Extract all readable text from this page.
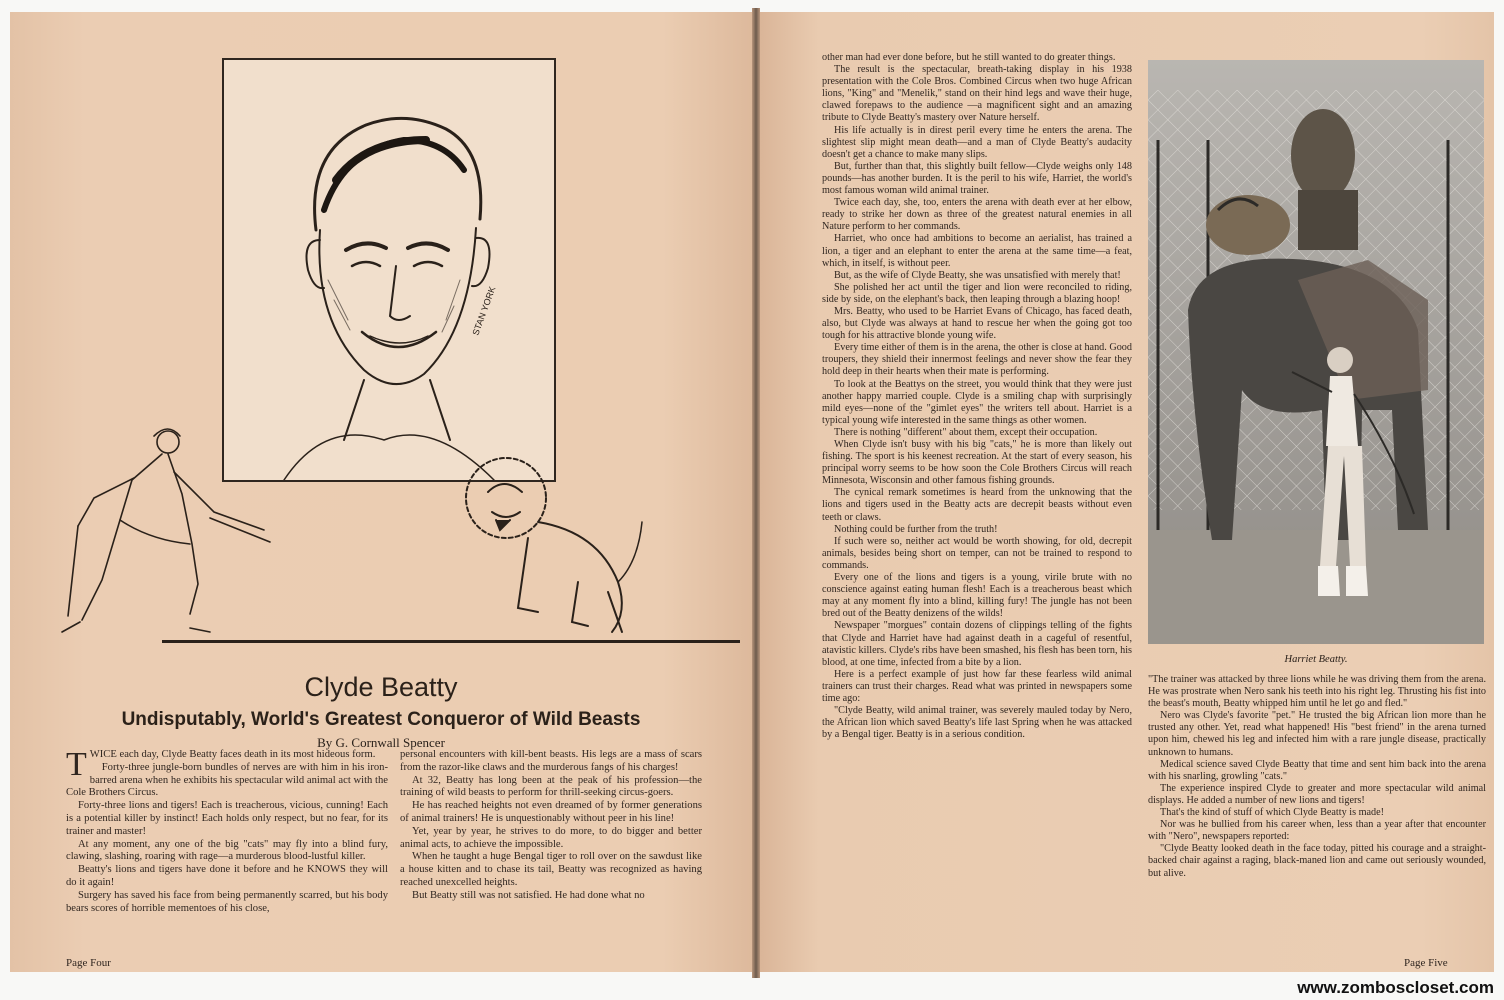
STAN YORK
Clyde Beatty
Undisputably, World's Greatest Conqueror of Wild Beasts
By G. Cornwall Spencer

TWICE each day, Clyde Beatty faces death in its most hideous form.

Forty-three jungle-born bundles of nerves are with him in his iron-barred arena when he exhibits his spectacular wild animal act with the Cole Brothers Circus.

Forty-three lions and tigers! Each is treacherous, vicious, cunning! Each is a potential killer by instinct! Each holds only respect, but no fear, for its trainer and master!

At any moment, any one of the big "cats" may fly into a blind fury, clawing, slashing, roaring with rage—a murderous blood-lustful killer.

Beatty's lions and tigers have done it before and he KNOWS they will do it again!

Surgery has saved his face from being permanently scarred, but his body bears scores of horrible mementoes of his close,

personal encounters with kill-bent beasts. His legs are a mass of scars from the razor-like claws and the murderous fangs of his charges!

At 32, Beatty has long been at the peak of his profession—the training of wild beasts to perform for thrill-seeking circus-goers.

He has reached heights not even dreamed of by former generations of animal trainers! He is unquestionably without peer in his line!

Yet, year by year, he strives to do more, to do bigger and better animal acts, to achieve the impossible.

When he taught a huge Bengal tiger to roll over on the sawdust like a house kitten and to chase its tail, Beatty was recognized as having reached unexcelled heights.

But Beatty still was not satisfied. He had done what no

Page Four

other man had ever done before, but he still wanted to do greater things.

The result is the spectacular, breath-taking display in his 1938 presentation with the Cole Bros. Combined Circus when two huge African lions, "King" and "Menelik," stand on their hind legs and wave their huge, clawed forepaws to the audience —a magnificent sight and an amazing tribute to Clyde Beatty's mastery over Nature herself.

His life actually is in direst peril every time he enters the arena. The slightest slip might mean death—and a man of Clyde Beatty's audacity doesn't get a chance to make many slips.

But, further than that, this slightly built fellow—Clyde weighs only 148 pounds—has another burden. It is the peril to his wife, Harriet, the world's most famous woman wild animal trainer.

Twice each day, she, too, enters the arena with death ever at her elbow, ready to strike her down as three of the greatest natural enemies in all Nature perform to her commands.

Harriet, who once had ambitions to become an aerialist, has trained a lion, a tiger and an elephant to enter the arena at the same time—a feat, which, in itself, is without peer.

But, as the wife of Clyde Beatty, she was unsatisfied with merely that!

She polished her act until the tiger and lion were reconciled to riding, side by side, on the elephant's back, then leaping through a blazing hoop!

Mrs. Beatty, who used to be Harriet Evans of Chicago, has faced death, also, but Clyde was always at hand to rescue her when the going got too tough for his attractive blonde young wife.

Every time either of them is in the arena, the other is close at hand. Good troupers, they shield their innermost feelings and never show the fear they hold deep in their hearts when their mate is performing.

To look at the Beattys on the street, you would think that they were just another happy married couple. Clyde is a smiling chap with surprisingly mild eyes—none of the "gimlet eyes" the writers tell about. Harriet is a typical young wife interested in the same things as other women.

There is nothing "different" about them, except their occupation.

When Clyde isn't busy with his big "cats," he is more than likely out fishing. The sport is his keenest recreation. At the start of every season, his principal worry seems to be how soon the Cole Brothers Circus will reach Minnesota, Wisconsin and other famous fishing grounds.

The cynical remark sometimes is heard from the unknowing that the lions and tigers used in the Beatty acts are decrepit beasts without even teeth or claws.

Nothing could be further from the truth!

If such were so, neither act would be worth showing, for old, decrepit animals, besides being short on temper, can not be trained to respond to commands.

Every one of the lions and tigers is a young, virile brute with no conscience against eating human flesh! Each is a treacherous beast which may at any moment fly into a blind, killing fury! The jungle has not been bred out of the Beatty denizens of the wilds!

Newspaper "morgues" contain dozens of clippings telling of the fights that Clyde and Harriet have had against death in a cageful of resentful, atavistic killers. Clyde's ribs have been smashed, his flesh has been torn, his blood, at one time, infected from a bite by a lion.

Here is a perfect example of just how far these fearless wild animal trainers can trust their charges. Read what was printed in newspapers some time ago:

"Clyde Beatty, wild animal trainer, was severely mauled today by Nero, the African lion which saved Beatty's life last Spring when he was attacked by a Bengal tiger. Beatty is in a serious condition.

Harriet Beatty.

"The trainer was attacked by three lions while he was driving them from the arena. He was prostrate when Nero sank his teeth into his right leg. Thrusting his fist into the beast's mouth, Beatty whipped him until he let go and fled."

Nero was Clyde's favorite "pet." He trusted the big African lion more than he trusted any other. Yet, read what happened! His "best friend" in the arena turned upon him, chewed his leg and infected him with a rare jungle disease, practically unknown to humans.

Medical science saved Clyde Beatty that time and sent him back into the arena with his snarling, growling "cats."

The experience inspired Clyde to greater and more spectacular wild animal displays. He added a number of new lions and tigers!

That's the kind of stuff of which Clyde Beatty is made!

Nor was he bullied from his career when, less than a year after that encounter with "Nero", newspapers reported:

"Clyde Beatty looked death in the face today, pitted his courage and a straight-backed chair against a raging, black-maned lion and came out seriously wounded, but alive.

Page Five
www.zomboscloset.com
